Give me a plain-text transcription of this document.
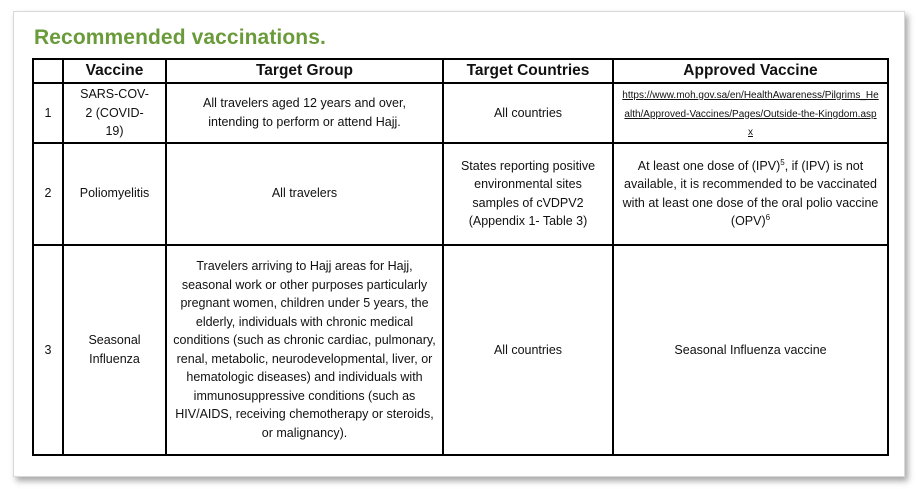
Recommended vaccinations.
	Vaccine	Target Group	Target Countries	Approved Vaccine
1	SARS-COV-2 (COVID-19)	All travelers aged 12 years and over, intending to perform or attend Hajj.	All countries	https://www.moh.gov.sa/en/HealthAwareness/Pilgrims_Health/Approved-Vaccines/Pages/Outside-the-Kingdom.aspx
2	Poliomyelitis	All travelers	States reporting positive environmental sites samples of cVDPV2 (Appendix 1- Table 3)	At least one dose of (IPV)$^5$, if (IPV) is not available, it is recommended to be vaccinated with at least one dose of the oral polio vaccine (OPV)$^6$
3	Seasonal Influenza	Travelers arriving to Hajj areas for Hajj, seasonal work or other purposes particularly pregnant women, children under 5 years, the elderly, individuals with chronic medical conditions (such as chronic cardiac, pulmonary, renal, metabolic, neurodevelopmental, liver, or hematologic diseases) and individuals with immunosuppressive conditions (such as HIV/AIDS, receiving chemotherapy or steroids, or malignancy).	All countries	Seasonal Influenza vaccine
